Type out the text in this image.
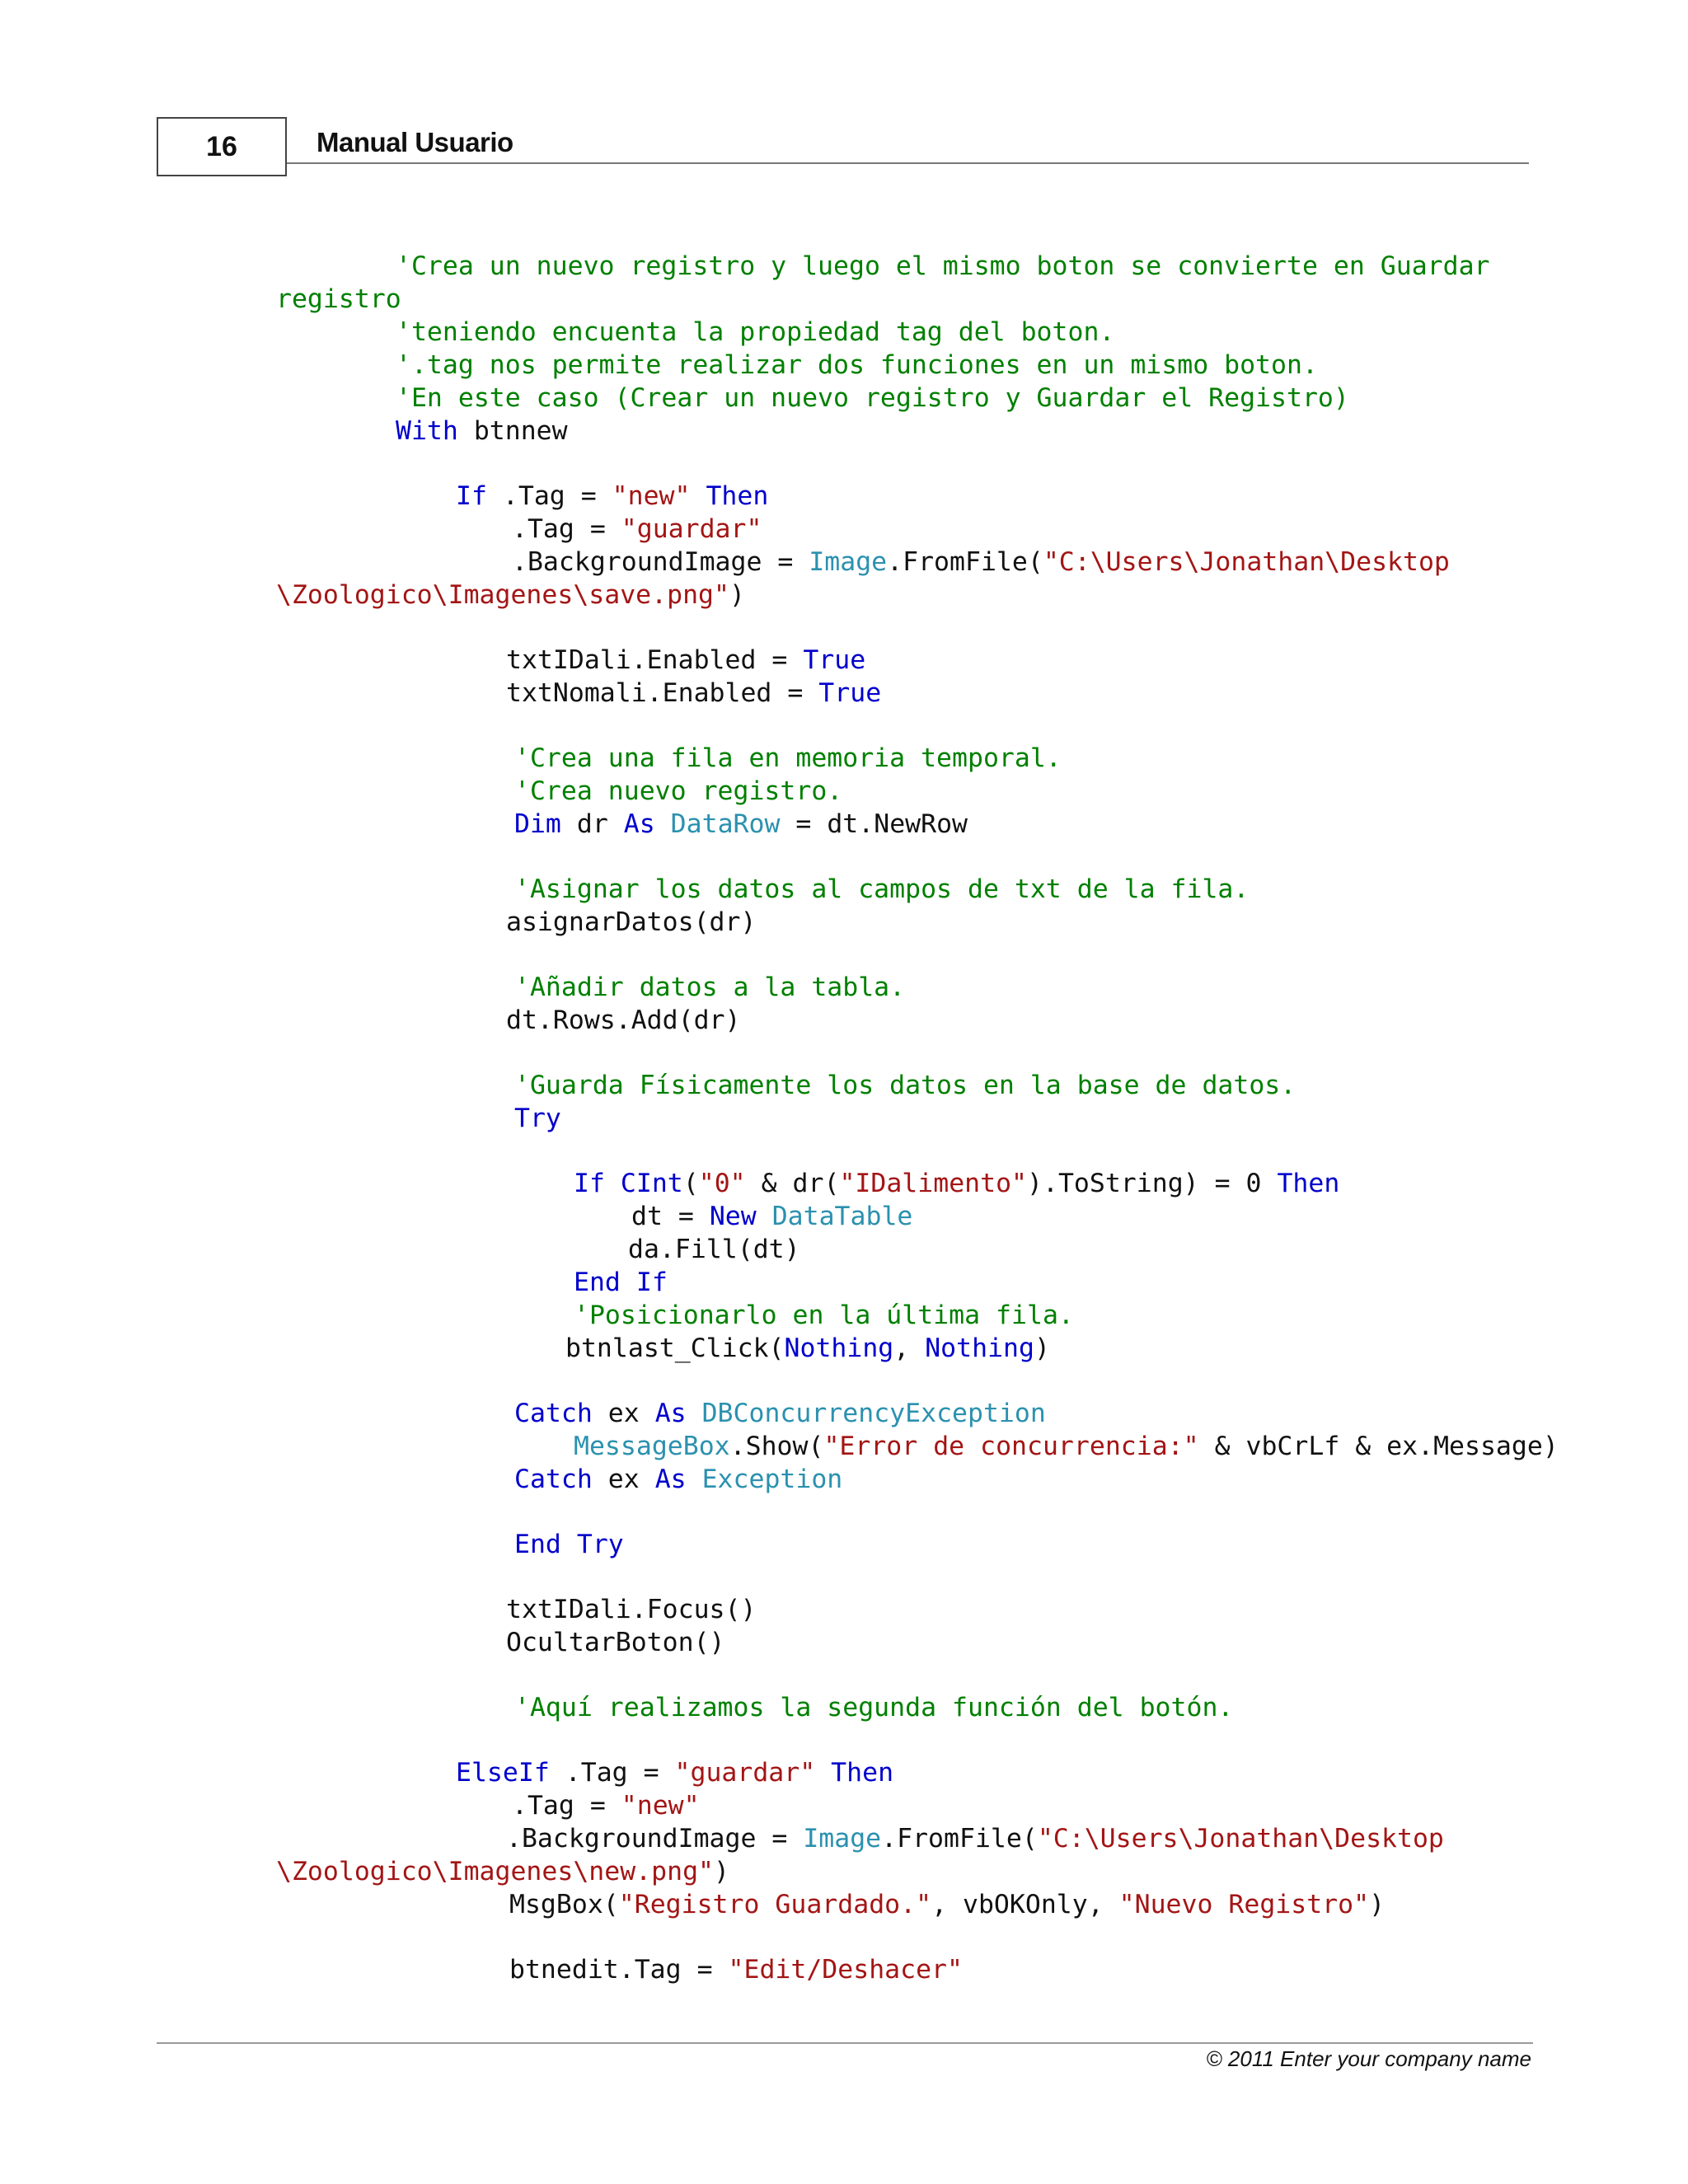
16	Manual Usuario
'Crea un nuevo registro y luego el mismo boton se convierte en Guardar
registro
'teniendo encuenta la propiedad tag del boton.
'.tag nos permite realizar dos funciones en un mismo boton.
'En este caso (Crear un nuevo registro y Guardar el Registro)
With btnnew
If .Tag = "new" Then
.Tag = "guardar"
.BackgroundImage = Image.FromFile("C:\Users\Jonathan\Desktop
\Zoologico\Imagenes\save.png")
txtIDali.Enabled = True
txtNomali.Enabled = True
'Crea una fila en memoria temporal.
'Crea nuevo registro.
Dim dr As DataRow = dt.NewRow
'Asignar los datos al campos de txt de la fila.
asignarDatos(dr)
'Añadir datos a la tabla.
dt.Rows.Add(dr)
'Guarda Físicamente los datos en la base de datos.
Try
If CInt("0" & dr("IDalimento").ToString) = 0 Then
dt = New DataTable
da.Fill(dt)
End If
'Posicionarlo en la última fila.
btnlast_Click(Nothing, Nothing)
Catch ex As DBConcurrencyException
MessageBox.Show("Error de concurrencia:" & vbCrLf & ex.Message)
Catch ex As Exception
End Try
txtIDali.Focus()
OcultarBoton()
'Aquí realizamos la segunda función del botón.
ElseIf .Tag = "guardar" Then
.Tag = "new"
.BackgroundImage = Image.FromFile("C:\Users\Jonathan\Desktop
\Zoologico\Imagenes\new.png")
MsgBox("Registro Guardado.", vbOKOnly, "Nuevo Registro")
btnedit.Tag = "Edit/Deshacer"
© 2011 Enter your company name
